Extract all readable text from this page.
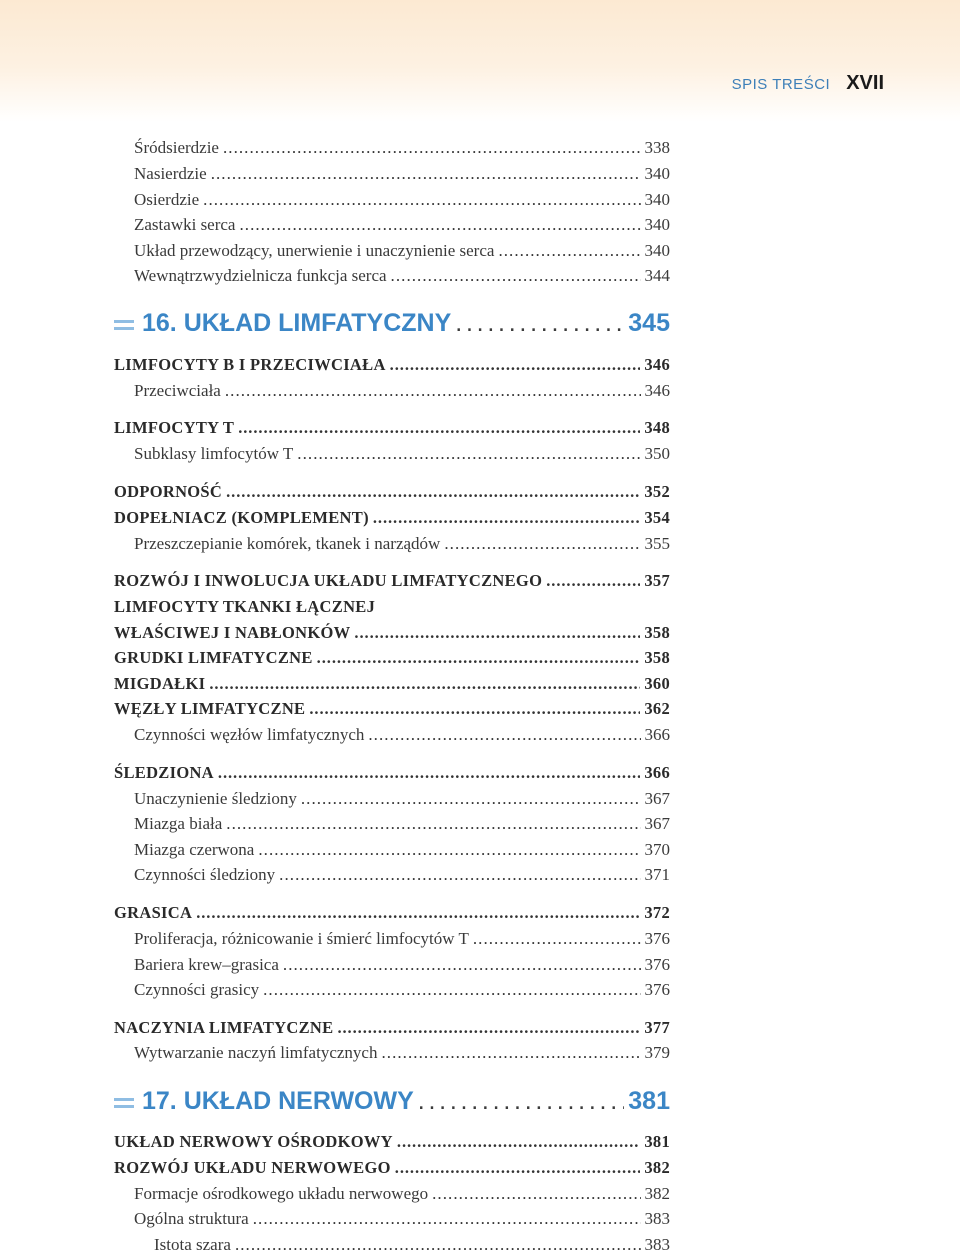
SPIS TREŚCI XVII
Śródsierdzie . . .	338
Nasierdzie . . .	340
Osierdzie . . .	340
Zastawki serca . . .	340
Układ przewodzący, unerwienie i unaczynienie serca . . .	340
Wewnątrzwydzielnicza funkcja serca . . .	344
16. UKŁAD LIMFATYCZNY . . .	345
LIMFOCYTY B I PRZECIWCIAŁA . . .	346
Przeciwciała . . .	346
LIMFOCYTY T . . .	348
Subklasy limfocytów T . . .	350
ODPORNOŚĆ . . .	352
DOPEŁNIACZ (KOMPLEMENT) . . .	354
Przeszczepianie komórek, tkanek i narządów . . .	355
ROZWÓJ I INWOLUCJA UKŁADU LIMFATYCZNEGO . . .	357
LIMFOCYTY TKANKI ŁĄCZNEJ
WŁAŚCIWEJ I NABŁONKÓW . . .	358
GRUDKI LIMFATYCZNE . . .	358
MIGDAŁKI . . .	360
WĘZŁY LIMFATYCZNE . . .	362
Czynności węzłów limfatycznych . . .	366
ŚLEDZIONA . . .	366
Unaczynienie śledziony . . .	367
Miazga biała . . .	367
Miazga czerwona . . .	370
Czynności śledziony . . .	371
GRASICA . . .	372
Proliferacja, różnicowanie i śmierć limfocytów T . . .	376
Bariera krew–grasica . . .	376
Czynności grasicy . . .	376
NACZYNIA LIMFATYCZNE . . .	377
Wytwarzanie naczyń limfatycznych . . .	379
17. UKŁAD NERWOWY . . .	381
UKŁAD NERWOWY OŚRODKOWY . . .	381
ROZWÓJ UKŁADU NERWOWEGO . . .	382
Formacje ośrodkowego układu nerwowego . . .	382
Ogólna struktura . . .	383
Istota szara . . .	383
